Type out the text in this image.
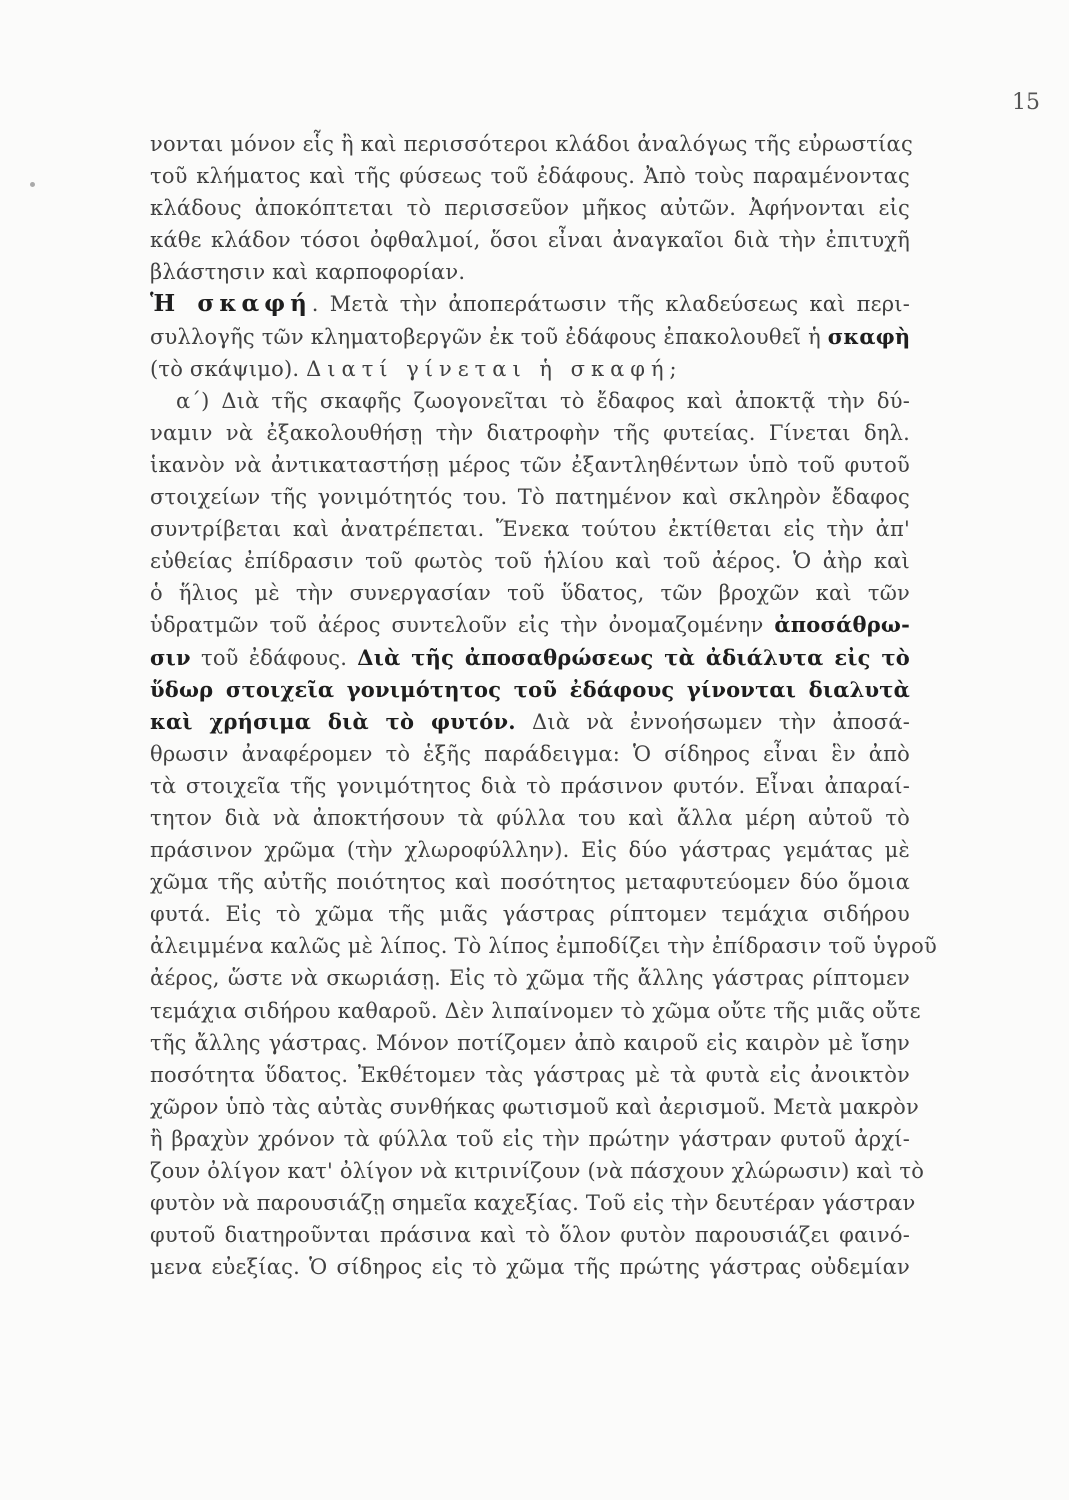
15
νονται μόνον εἷς ἢ καὶ περισσότεροι κλάδοι ἀναλόγως τῆς εὐρωστίας
τοῦ κλήματος καὶ τῆς φύσεως τοῦ ἐδάφους. Ἀπὸ τοὺς παραμένοντας
κλάδους ἀποκόπτεται τὸ περισσεῦον μῆκος αὐτῶν. Ἀφήνονται εἰς
κάθε κλάδον τόσοι ὀφθαλμοί, ὅσοι εἶναι ἀναγκαῖοι διὰ τὴν ἐπιτυχῆ
βλάστησιν καὶ καρποφορίαν.
Ἡ σκαφή. Μετὰ τὴν ἀποπεράτωσιν τῆς κλαδεύσεως καὶ περι-
συλλογῆς τῶν κληματοβεργῶν ἐκ τοῦ ἐδάφους ἐπακολουθεῖ ἡ σκαφὴ
(τὸ σκάψιμο). Διατί γίνεται ἡ σκαφή;
α΄) Διὰ τῆς σκαφῆς ζωογονεῖται τὸ ἔδαφος καὶ ἀποκτᾷ τὴν δύ-
ναμιν νὰ ἐξακολουθήσῃ τὴν διατροφὴν τῆς φυτείας. Γίνεται δηλ.
ἱκανὸν νὰ ἀντικαταστήσῃ μέρος τῶν ἐξαντληθέντων ὑπὸ τοῦ φυτοῦ
στοιχείων τῆς γονιμότητός του. Τὸ πατημένον καὶ σκληρὸν ἔδαφος
συντρίβεται καὶ ἀνατρέπεται. Ἕνεκα τούτου ἐκτίθεται εἰς τὴν ἀπ'
εὐθείας ἐπίδρασιν τοῦ φωτὸς τοῦ ἡλίου καὶ τοῦ ἀέρος. Ὁ ἀὴρ καὶ
ὁ ἥλιος μὲ τὴν συνεργασίαν τοῦ ὕδατος, τῶν βροχῶν καὶ τῶν
ὑδρατμῶν τοῦ ἀέρος συντελοῦν εἰς τὴν ὀνομαζομένην ἀποσάθρω-
σιν τοῦ ἐδάφους. Διὰ τῆς ἀποσαθρώσεως τὰ ἀδιάλυτα εἰς τὸ
ὕδωρ στοιχεῖα γονιμότητος τοῦ ἐδάφους γίνονται διαλυτὰ
καὶ χρήσιμα διὰ τὸ φυτόν. Διὰ νὰ ἐννοήσωμεν τὴν ἀποσά-
θρωσιν ἀναφέρομεν τὸ ἑξῆς παράδειγμα: Ὁ σίδηρος εἶναι ἓν ἀπὸ
τὰ στοιχεῖα τῆς γονιμότητος διὰ τὸ πράσινον φυτόν. Εἶναι ἀπαραί-
τητον διὰ νὰ ἀποκτήσουν τὰ φύλλα του καὶ ἄλλα μέρη αὐτοῦ τὸ
πράσινον χρῶμα (τὴν χλωροφύλλην). Εἰς δύο γάστρας γεμάτας μὲ
χῶμα τῆς αὐτῆς ποιότητος καὶ ποσότητος μεταφυτεύομεν δύο ὅμοια
φυτά. Εἰς τὸ χῶμα τῆς μιᾶς γάστρας ρίπτομεν τεμάχια σιδήρου
ἀλειμμένα καλῶς μὲ λίπος. Τὸ λίπος ἐμποδίζει τὴν ἐπίδρασιν τοῦ ὑγροῦ
ἀέρος, ὥστε νὰ σκωριάσῃ. Εἰς τὸ χῶμα τῆς ἄλλης γάστρας ρίπτομεν
τεμάχια σιδήρου καθαροῦ. Δὲν λιπαίνομεν τὸ χῶμα οὔτε τῆς μιᾶς οὔτε
τῆς ἄλλης γάστρας. Μόνον ποτίζομεν ἀπὸ καιροῦ εἰς καιρὸν μὲ ἴσην
ποσότητα ὕδατος. Ἐκθέτομεν τὰς γάστρας μὲ τὰ φυτὰ εἰς ἀνοικτὸν
χῶρον ὑπὸ τὰς αὐτὰς συνθήκας φωτισμοῦ καὶ ἀερισμοῦ. Μετὰ μακρὸν
ἢ βραχὺν χρόνον τὰ φύλλα τοῦ εἰς τὴν πρώτην γάστραν φυτοῦ ἀρχί-
ζουν ὀλίγον κατ' ὀλίγον νὰ κιτρινίζουν (νὰ πάσχουν χλώρωσιν) καὶ τὸ
φυτὸν νὰ παρουσιάζῃ σημεῖα καχεξίας. Τοῦ εἰς τὴν δευτέραν γάστραν
φυτοῦ διατηροῦνται πράσινα καὶ τὸ ὅλον φυτὸν παρουσιάζει φαινό-
μενα εὐεξίας. Ὁ σίδηρος εἰς τὸ χῶμα τῆς πρώτης γάστρας οὐδεμίαν
